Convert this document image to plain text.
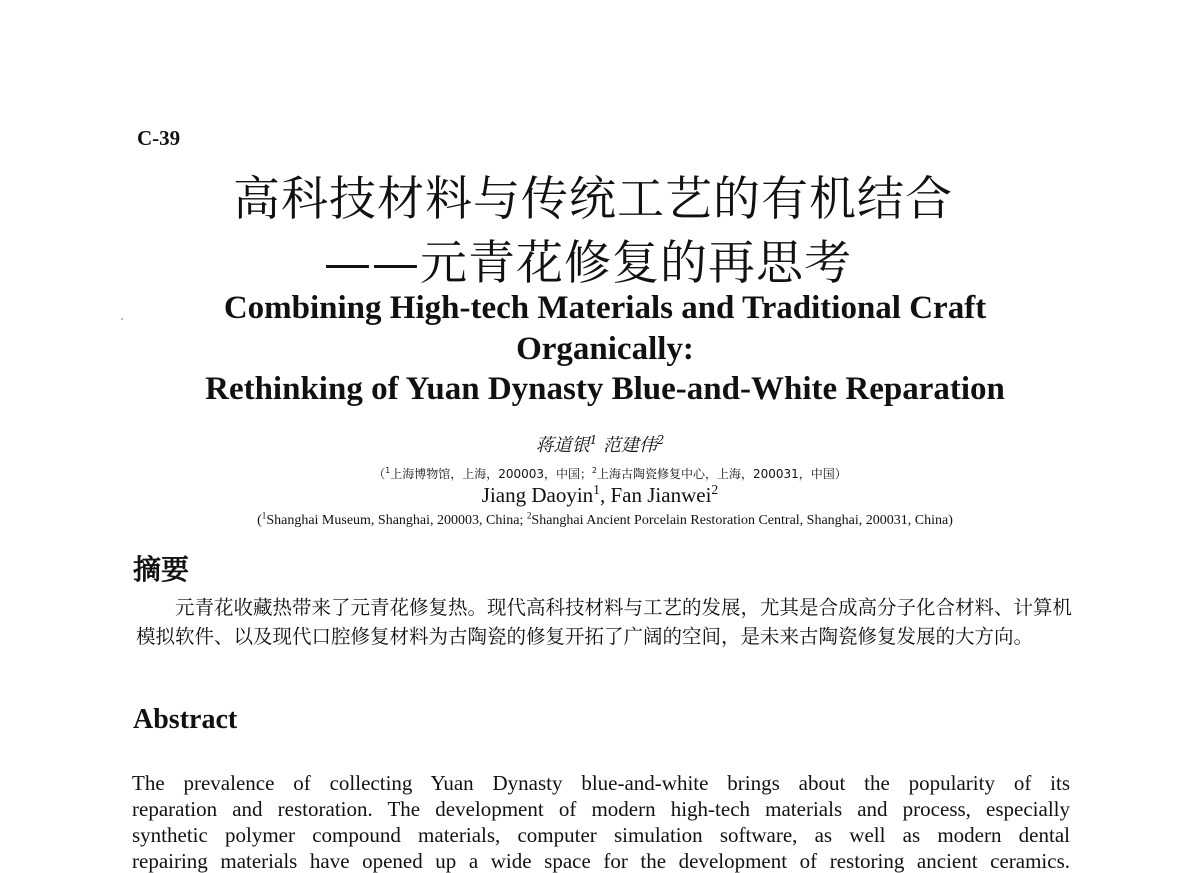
C-39
高科技材料与传统工艺的有机结合
——元青花修复的再思考
Combining High-tech Materials and Traditional Craft
Organically:
Rethinking of Yuan Dynasty Blue-and-White Reparation
蒋道银$^1$ 范建伟$^2$
（$^1$上海博物馆，上海，200003，中国；$^2$上海古陶瓷修复中心，上海，200031，中国）
Jiang Daoyin$^1$, Fan Jianwei$^2$
($^1$Shanghai Museum, Shanghai, 200003, China; $^2$Shanghai Ancient Porcelain Restoration Central, Shanghai, 200031, China)
摘要
元青花收藏热带来了元青花修复热。现代高科技材料与工艺的发展，尤其是合成高分子化合材料、计算机模拟软件、以及现代口腔修复材料为古陶瓷的修复开拓了广阔的空间，是未来古陶瓷修复发展的大方向。
Abstract
The prevalence of collecting Yuan Dynasty blue-and-white brings about the popularity of its
reparation and restoration. The development of modern high-tech materials and process, especially
synthetic polymer compound materials, computer simulation software, as well as modern dental
repairing materials have opened up a wide space for the development of restoring ancient ceramics.
